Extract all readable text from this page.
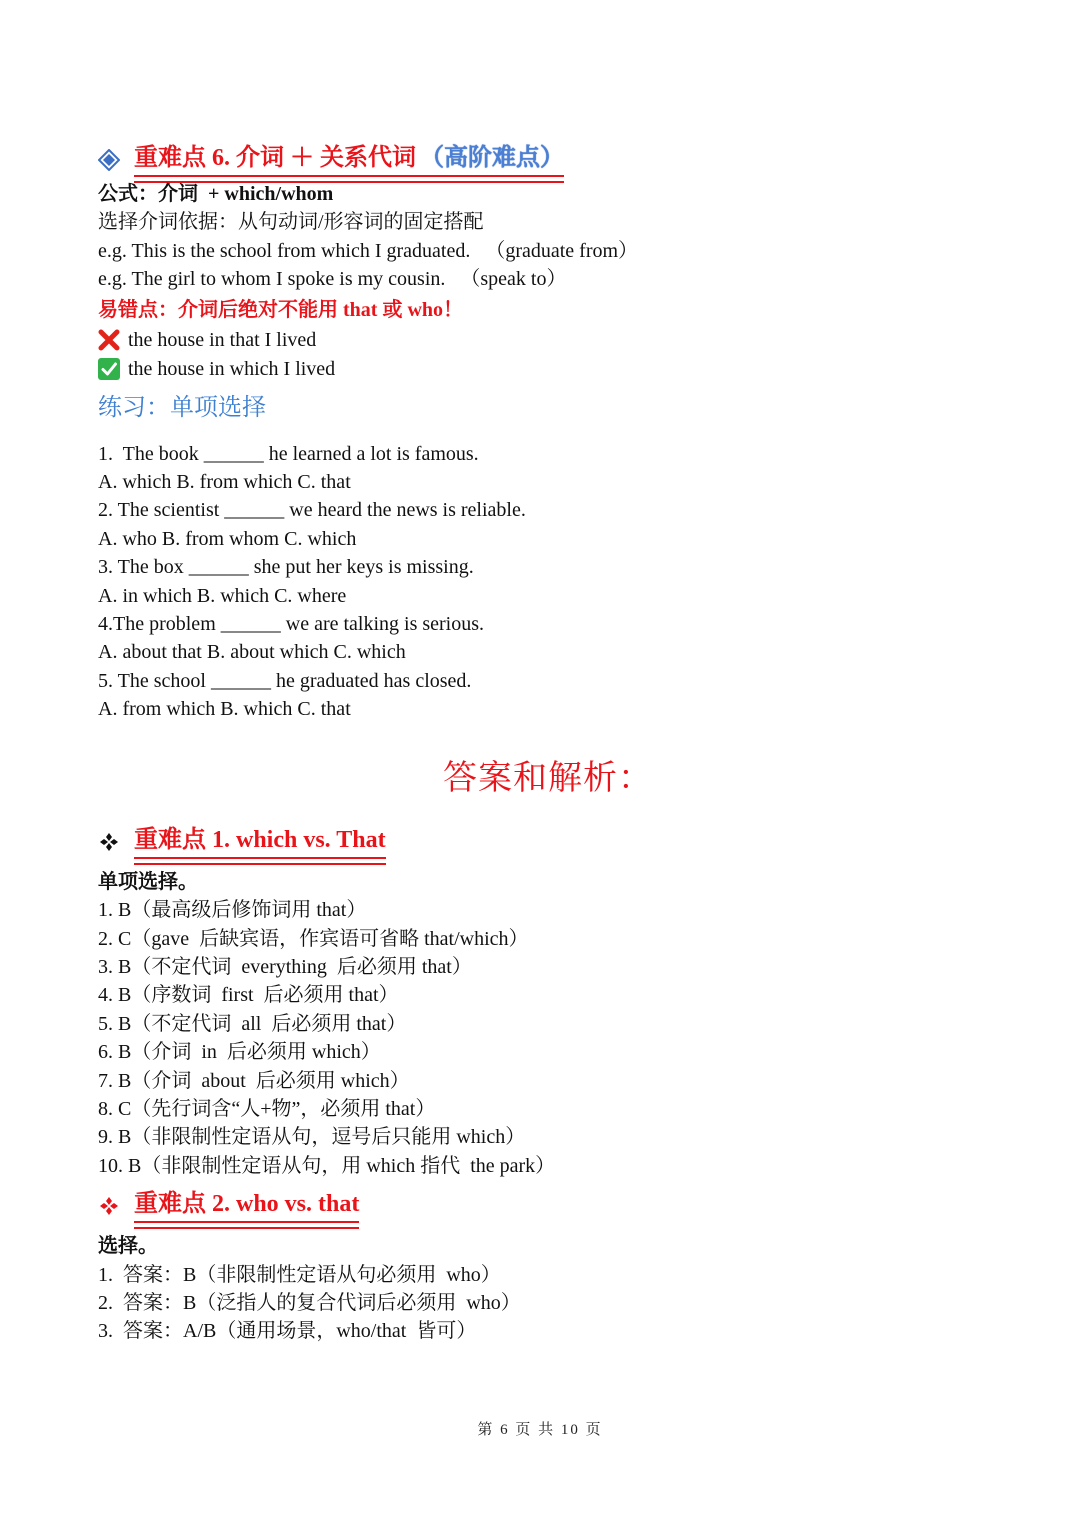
重难点 6. 介词 ＋ 关系代词 （高阶难点）
公式：介词  + which/whom
选择介词依据：从句动词/形容词的固定搭配
e.g. This is the school from which I graduated.   （graduate from）
e.g. The girl to whom I spoke is my cousin.   （speak to）
易错点：介词后绝对不能用 that 或 who！
the house in that I lived
the house in which I lived
练习：单项选择
1.  The book ______ he learned a lot is famous.
A. which B. from which C. that
2. The scientist ______ we heard the news is reliable.
A. who B. from whom C. which
3. The box ______ she put her keys is missing.
A. in which B. which C. where
4.The problem ______ we are talking is serious.
A. about that B. about which C. which
5. The school ______ he graduated has closed.
A. from which B. which C. that
答案和解析：
重难点 1. which vs. That
单项选择。
1. B（最高级后修饰词用 that）
2. C（gave  后缺宾语，作宾语可省略 that/which）
3. B（不定代词  everything  后必须用 that）
4. B（序数词  first  后必须用 that）
5. B（不定代词  all  后必须用 that）
6. B（介词  in  后必须用 which）
7. B（介词  about  后必须用 which）
8. C（先行词含“人+物”，必须用 that）
9. B（非限制性定语从句，逗号后只能用 which）
10. B（非限制性定语从句，用 which 指代  the park）
重难点 2. who vs. that
选择。
1.  答案：B（非限制性定语从句必须用  who）
2.  答案：B（泛指人的复合代词后必须用  who）
3.  答案：A/B（通用场景，who/that  皆可）
第 6 页 共 10 页
